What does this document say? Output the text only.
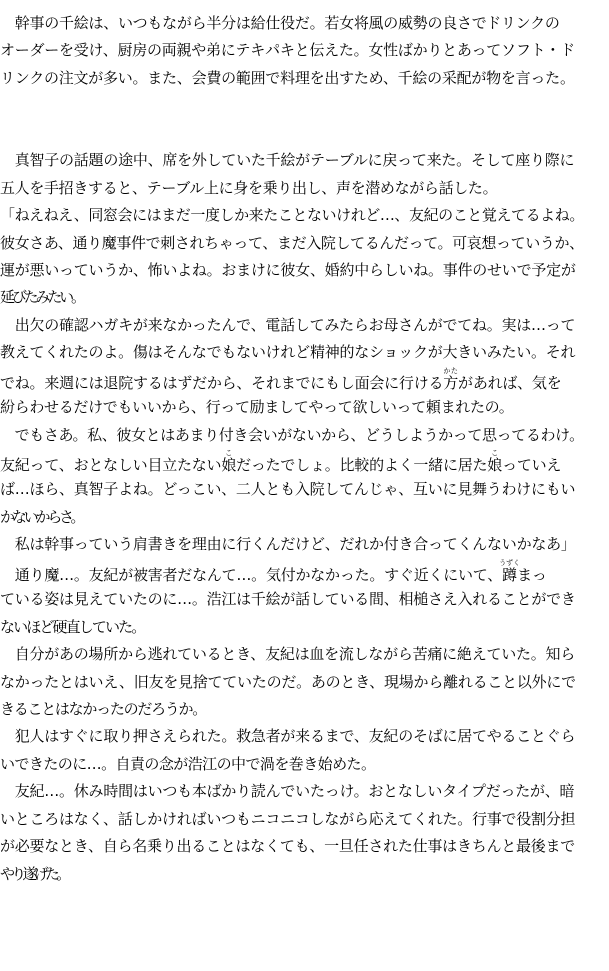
　幹事の千絵は、いつもながら半分は給仕役だ。若女将風の威勢の良さでドリンクの
オーダーを受け、厨房の両親や弟にテキパキと伝えた。女性ばかりとあってソフト・ド
リンクの注文が多い。また、会費の範囲で料理を出すため、千絵の采配が物を言った。
　真智子の話題の途中、席を外していた千絵がテーブルに戻って来た。そして座り際に
五人を手招きすると、テーブル上に身を乗り出し、声を潜めながら話した。
「ねえねえ、同窓会にはまだ一度しか来たことないけれど…、友紀のこと覚えてるよね。
彼女さあ、通り魔事件で刺されちゃって、まだ入院してるんだって。可哀想っていうか、
運が悪いっていうか、怖いよね。おまけに彼女、婚約中らしいね。事件のせいで予定が
延びたみたい。
　出欠の確認ハガキが来なかったんで、電話してみたらお母さんがでてね。実は…って
教えてくれたのよ。傷はそんなでもないけれど精神的なショックが大きいみたい。それ
でね。来週には退院するはずだから、それまでにもし面会に行ける方かたがあれば、気を
紛らわせるだけでもいいから、行って励ましてやって欲しいって頼まれたの。
　でもさあ。私、彼女とはあまり付き会いがないから、どうしようかって思ってるわけ。
友紀って、おとなしい目立たない娘こだったでしょ。比較的よく一緒に居た娘こっていえ
ば…ほら、真智子よね。どっこい、二人とも入院してんじゃ、互いに見舞うわけにもい
かないからさ。
　私は幹事っていう肩書きを理由に行くんだけど、だれか付き合ってくんないかなあ」
　通り魔…。友紀が被害者だなんて…。気付かなかった。すぐ近くにいて、蹲うずくまっ
ている姿は見えていたのに…。浩江は千絵が話している間、相槌さえ入れることができ
ないほど硬直していた。
　自分があの場所から逃れているとき、友紀は血を流しながら苦痛に絶えていた。知ら
なかったとはいえ、旧友を見捨てていたのだ。あのとき、現場から離れること以外にで
きることはなかったのだろうか。
　犯人はすぐに取り押さえられた。救急者が来るまで、友紀のそばに居てやることぐら
いできたのに…。自責の念が浩江の中で渦を巻き始めた。
　友紀…。休み時間はいつも本ばかり読んでいたっけ。おとなしいタイプだったが、暗
いところはなく、話しかければいつもニコニコしながら応えてくれた。行事で役割分担
が必要なとき、自ら名乗り出ることはなくても、一旦任された仕事はきちんと最後まで
やり遂げた。
